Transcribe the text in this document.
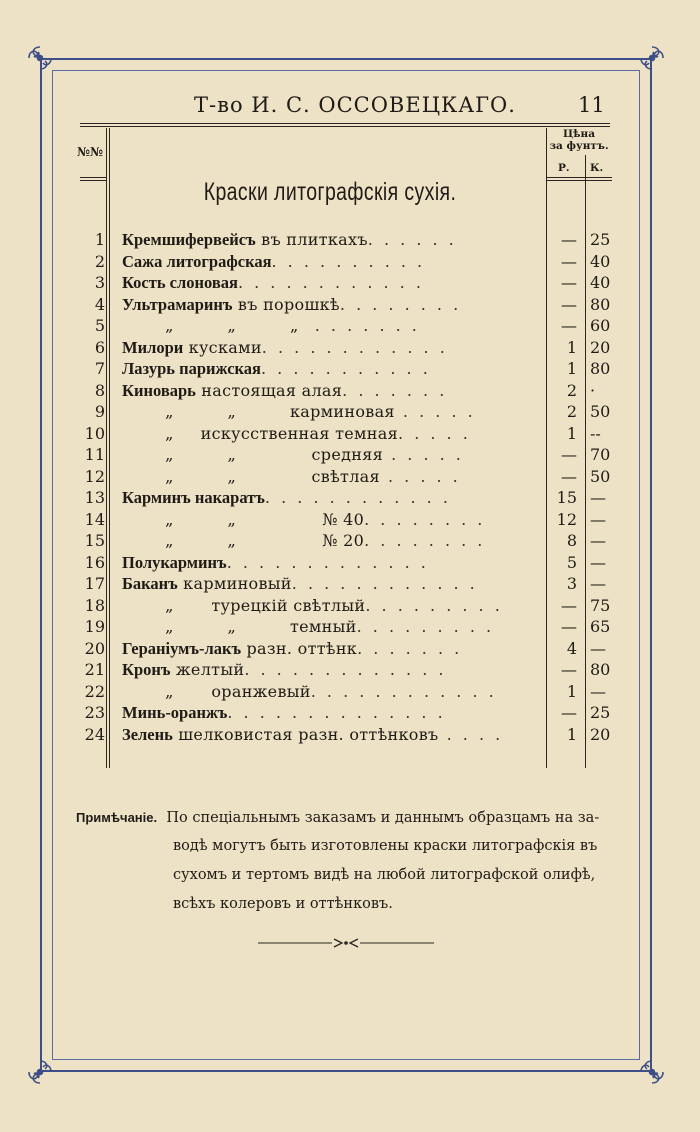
Т-во И. С. ОССОВЕЦКАГО.	11
№№
Цѣна
за фунтъ.
Р. К.
Краски литографскiя сухiя.
1 Кремшифервейсъ въ плиткахъ. . . . . .	— 25
2 Сажа литографская. . . . . . . . . .	— 40
3 Кость слоновая. . . . . . . . . . . .	— 40
4 Ультрамаринъ въ порошкѣ. . . . . . . .	— 80
5 „          „          „  . . . . . . .	— 60
6 Милори кусками. . . . . . . . . . . .	1 20
7 Лазурь парижская. . . . . . . . . . .	1 80
8 Киноварь настоящая алая. . . . . . .	2 ·
9 „          „          карминовая . . . . .	2 50
10 „     искусственная темная. . . . .	1 --
11 „          „              средняя . . . . .	— 70
12 „          „              свѣтлая . . . . .	— 50
13 Карминъ накаратъ. . . . . . . . . . . .	15 —
14 „          „                № 40. . . . . . . .	12 —
15 „          „                № 20. . . . . . . .	8 —
16 Полукарминъ. . . . . . . . . . . . .	5 —
17 Баканъ карминовый. . . . . . . . . . . .	3 —
18 „       турецкiй свѣтлый. . . . . . . . .	— 75
19 „          „          темный. . . . . . . . .	— 65
20 Геранiумъ-лакъ разн. оттѣнк. . . . . . .	4 —
21 Кронъ желтый. . . . . . . . . . . . .	— 80
22 „       оранжевый. . . . . . . . . . . .	1 —
23 Минь-оранжъ. . . . . . . . . . . . . .	— 25
24 Зелень шелковистая разн. оттѣнковъ . . . .	1 20
Примѣчанiе. По спецiальнымъ заказамъ и даннымъ образцамъ на за-
водѣ могутъ быть изготовлены краски литографскiя въ
сухомъ и тертомъ видѣ на любой литографской олифѣ,
всѣхъ колеровъ и оттѣнковъ.
